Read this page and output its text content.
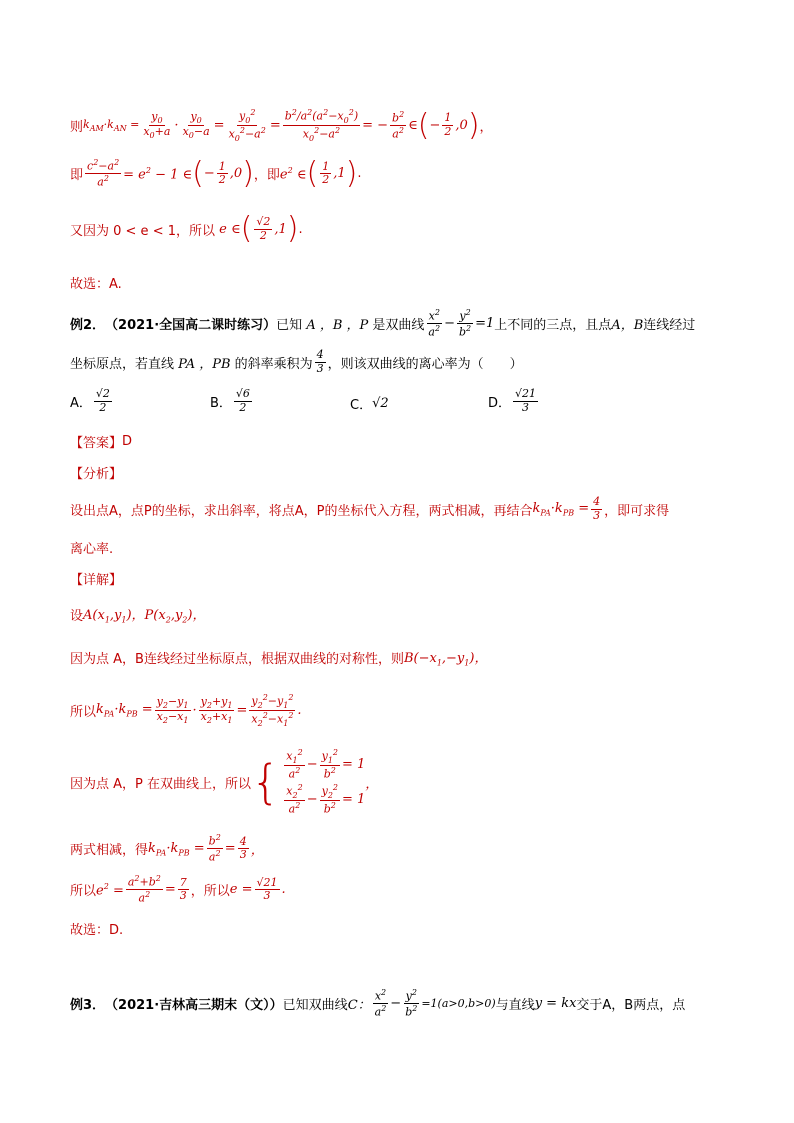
则 $k_{AM}\cdot k_{AN} = \frac{y_0}{x_0+a} \cdot \frac{y_0}{x_0-a} = \frac{y_0^2}{x_0^2-a^2} = \frac{b^2/a^2(a^2-x_0^2)}{x_0^2-a^2}$ = − $\frac{b^2}{a^2}$ ∈ ( − $\frac{1}{2} ,0$ ) ，
即 $\frac{c^2-a^2}{a^2} = e^2 - 1$ ∈ ( − $\frac{1}{2} ,0$ ) ，即 $e^2$ ∈ ( 1
2 ,1 ) .
又因为 0 < e < 1，所以 e ∈ ( √2
2 ,1 ) .
故选：A.
例2． （2021·全国高二课时练习） 已知 A ，B ，P 是双曲线
$x^2$
$a^2 - \frac{y^2}{b^2} =1$ 上不同的三点，且点 A，B 连线经过
坐标原点，若直线 PA ，PB 的斜率乘积为
4
3 ，则该双曲线的离心率为（　　）
A．
√2
2	B．
√6
2	C． √2	D．
√21
3
【答案】 D
【分析】
设出点A，点P的坐标，求出斜率，将点A，P的坐标代入方程，两式相减，再结合 $k_{PA}\cdot k_{PB} = \frac{4}{3}$ ，即可求得
离心率.
【详解】
设 $A(x_1,y_1)$，$P(x_2,y_2)$，
因为点 A，B连线经过坐标原点，根据双曲线的对称性，则 $B(-x_1,-y_1)$，
所以 $k_{PA}\cdot k_{PB} = \frac{y_2-y_1}{x_2-x_1} \cdot \frac{y_2+y_1}{x_2+x_1} = \frac{y_2^2-y_1^2}{x_2^2-x_1^2}$ .
因为点 A，P 在双曲线上，所以 { $x_1^2$
$a^2 - \frac{y_1^2}{b^2} = 1$
$x_2^2$
$a^2 - \frac{y_2^2}{b^2} = 1$
，
两式相减，得 $k_{PA}\cdot k_{PB} = \frac{b^2}{a^2} = \frac{4}{3}$ ，
所以 $e^2 = \frac{a^2+b^2}{a^2} = \frac{7}{3}$ ，所以 $e = \frac{√21}{3}$ .
故选：D.
例3． （2021·吉林高三期末（文）） 已知双曲线 C：
$x^2$
$a^2 - \frac{y^2}{b^2} =1(a>0,b>0)$ 与直线 y = kx 交于A，B两点，点
